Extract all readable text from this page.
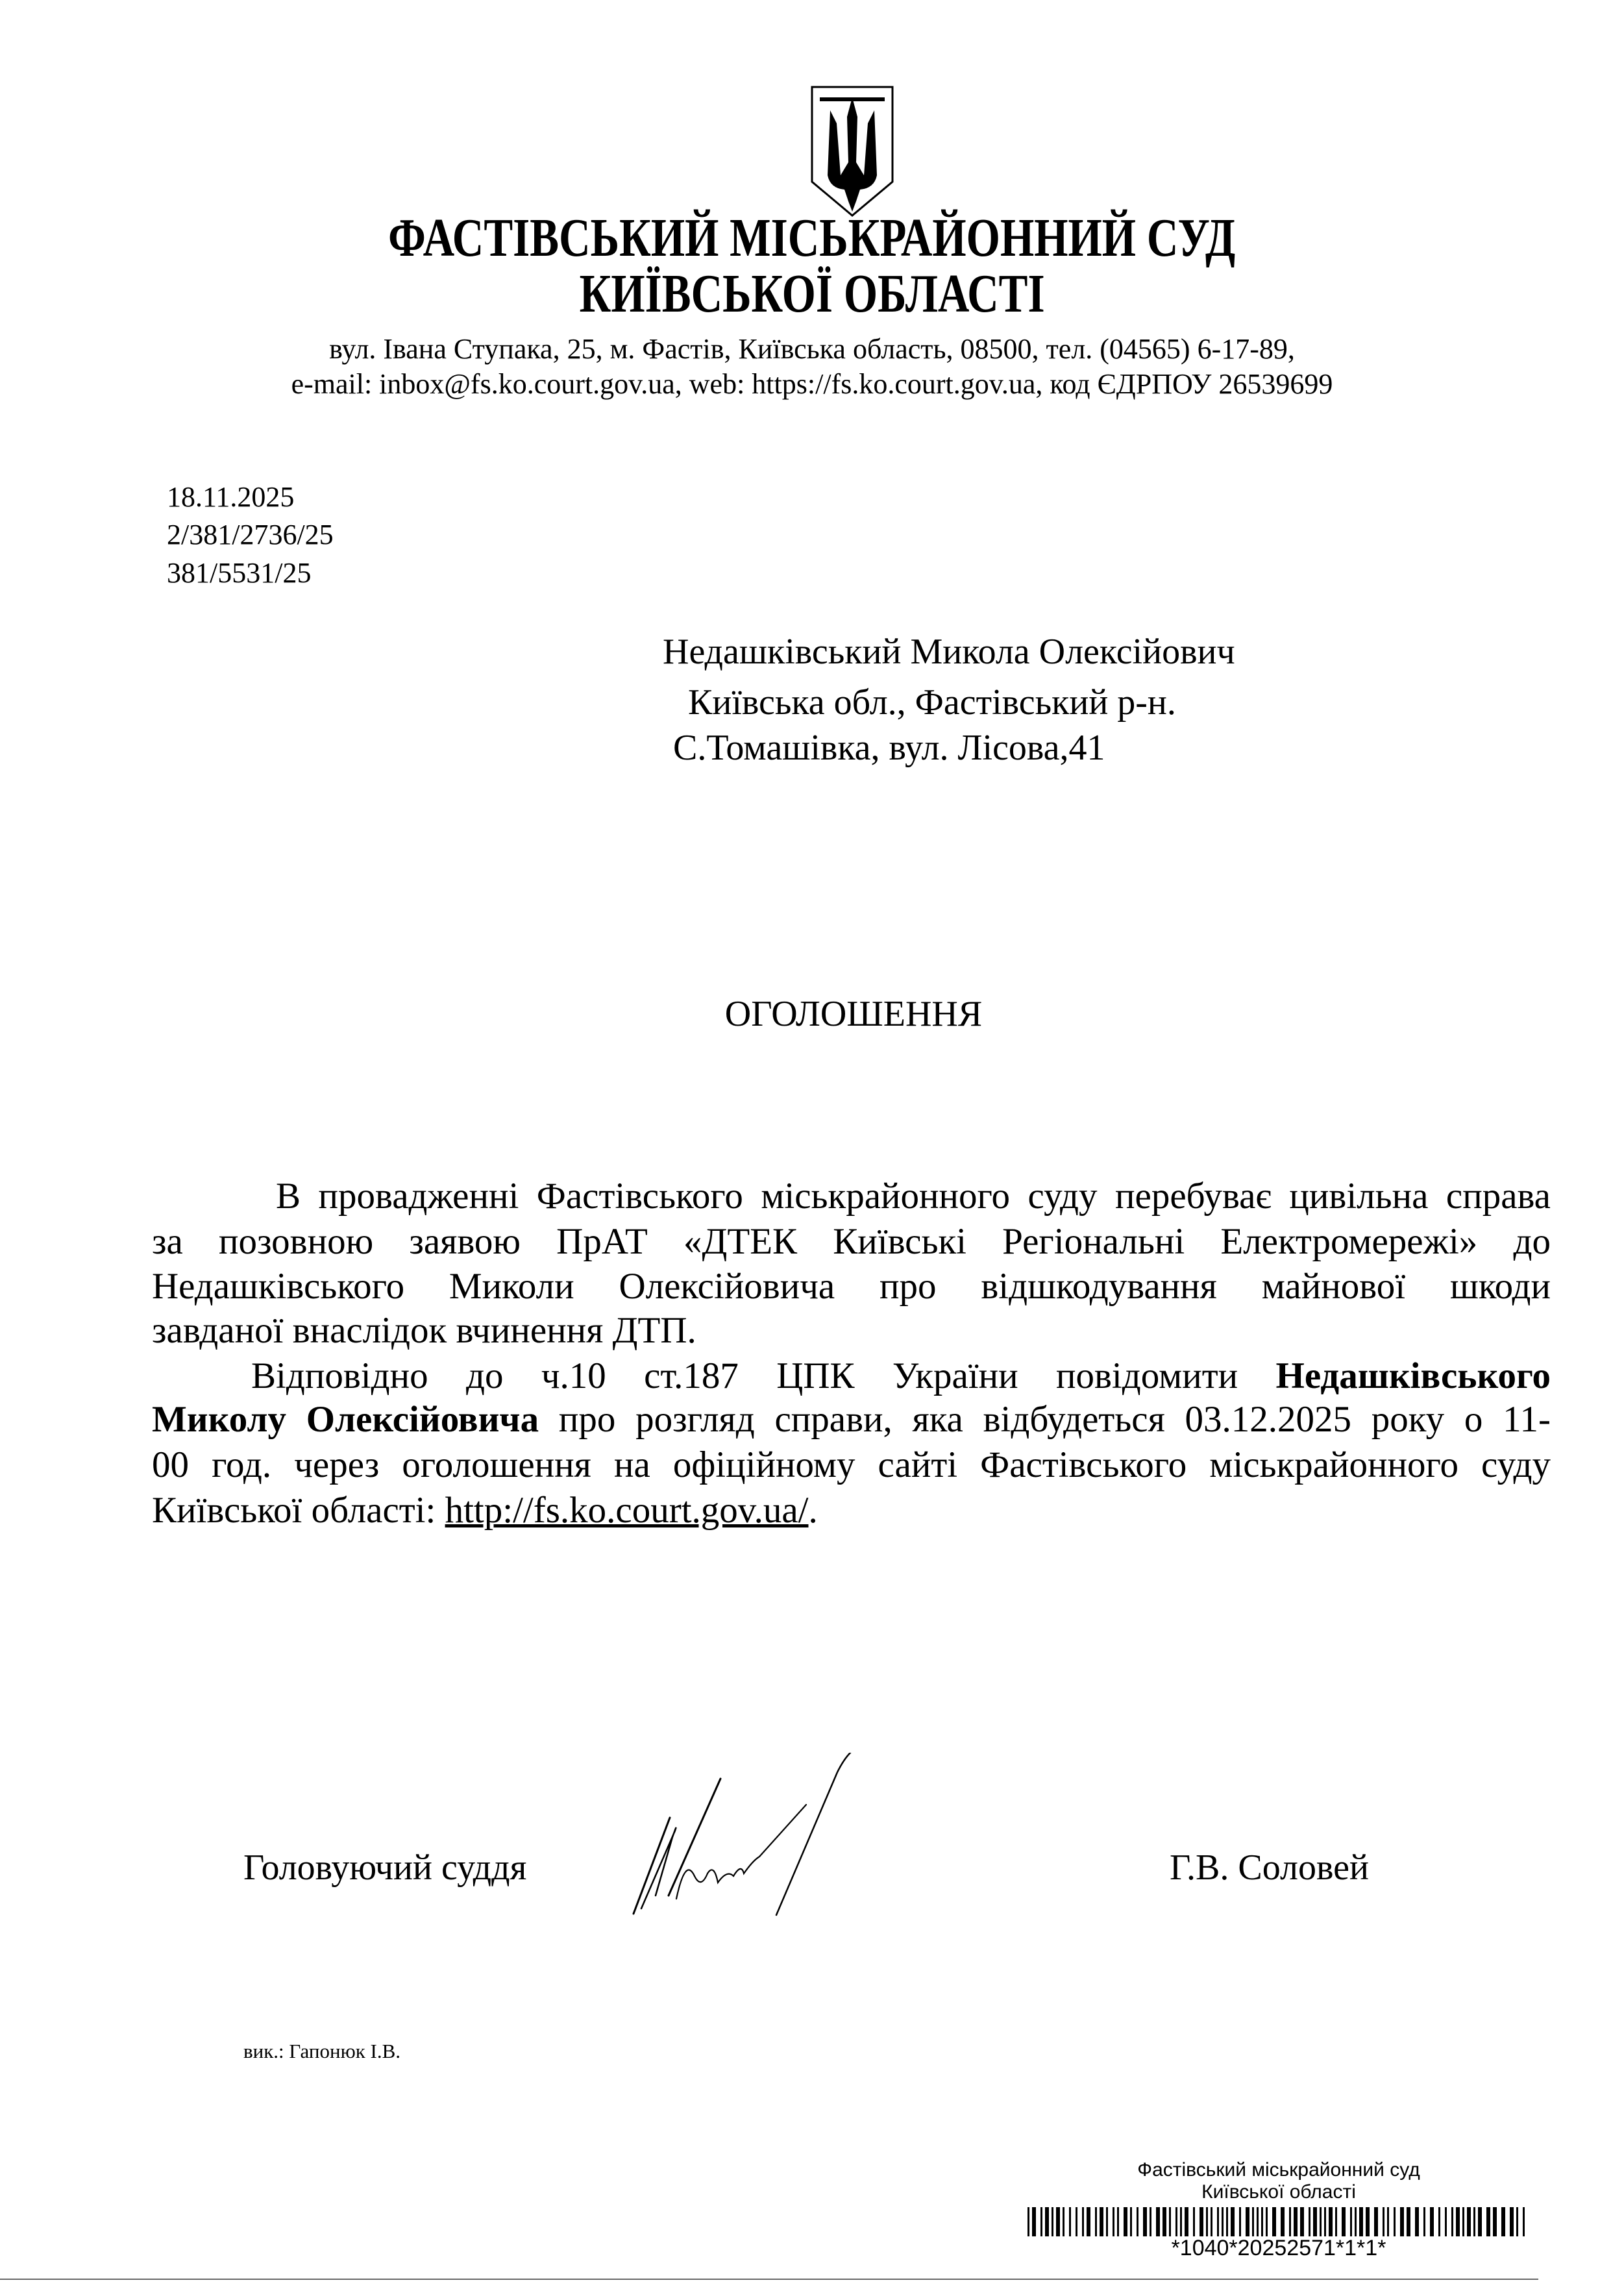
ФАСТІВСЬКИЙ МІСЬКРАЙОННИЙ СУД
КИЇВСЬКОЇ ОБЛАСТІ
вул. Івана Ступака, 25, м. Фастів, Київська область, 08500, тел. (04565) 6-17-89,
e-mail: inbox@fs.ko.court.gov.ua, web: https://fs.ko.court.gov.ua, код ЄДРПОУ 26539699
18.11.2025
2/381/2736/25
381/5531/25
Недашківський Микола Олексійович
Київська обл., Фастівський р-н.
С.Томашівка, вул. Лісова,41
ОГОЛОШЕННЯ
В провадженні Фастівського міськрайонного суду перебуває цивільна справа
за позовною заявою ПрАТ «ДТЕК Київські Регіональні Електромережі» до
Недашківського Миколи Олексійовича про відшкодування майнової шкоди
завданої внаслідок вчинення ДТП.
Відповідно до ч.10 ст.187 ЦПК України повідомити Недашківського
Миколу Олексійовича про розгляд справи, яка відбудеться 03.12.2025 року о 11-
00 год. через оголошення на офіційному сайті Фастівського міськрайонного суду
Київської області: http://fs.ko.court.gov.ua/.
Головуючий суддя	Г.В. Соловей
вик.: Гапонюк І.В.
Фастівський міськрайонний суд
Київської області
*1040*20252571*1*1*
